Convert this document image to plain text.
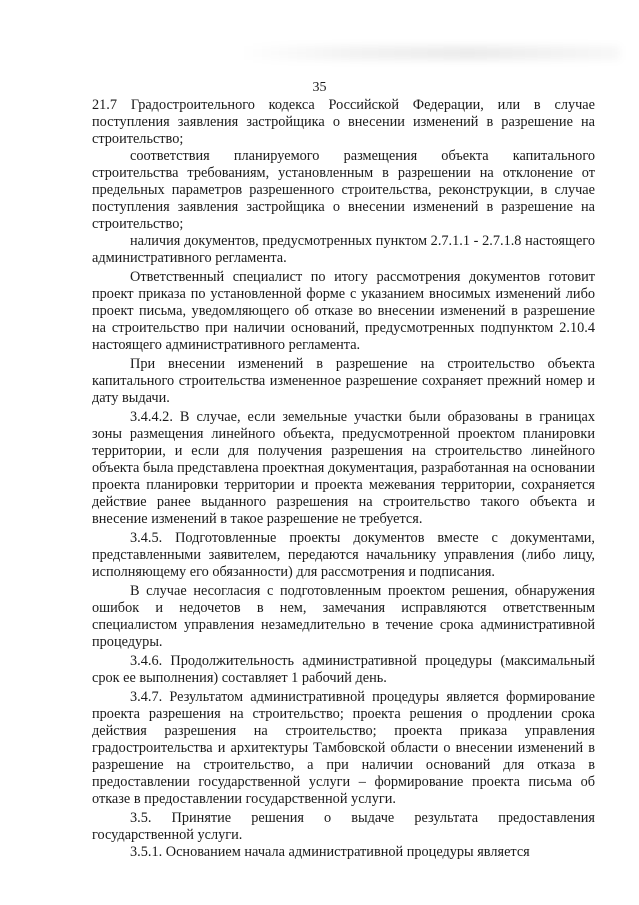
35

21.7 Градостроительного кодекса Российской Федерации, или в случае поступления заявления застройщика о внесении изменений в разрешение на строительство;

соответствия планируемого размещения объекта капитального строительства требованиям, установленным в разрешении на отклонение от предельных параметров разрешенного строительства, реконструкции, в случае поступления заявления застройщика о внесении изменений в разрешение на строительство;

наличия документов, предусмотренных пунктом 2.7.1.1 - 2.7.1.8 настоящего административного регламента.

Ответственный специалист по итогу рассмотрения документов готовит проект приказа по установленной форме с указанием вносимых изменений либо проект письма, уведомляющего об отказе во внесении изменений в разрешение на строительство при наличии оснований, предусмотренных подпунктом 2.10.4 настоящего административного регламента.

При внесении изменений в разрешение на строительство объекта капитального строительства измененное разрешение сохраняет прежний номер и дату выдачи.

3.4.4.2. В случае, если земельные участки были образованы в границах зоны размещения линейного объекта, предусмотренной проектом планировки территории, и если для получения разрешения на строительство линейного объекта была представлена проектная документация, разработанная на основании проекта планировки территории и проекта межевания территории, сохраняется действие ранее выданного разрешения на строительство такого объекта и внесение изменений в такое разрешение не требуется.

3.4.5. Подготовленные проекты документов вместе с документами, представленными заявителем, передаются начальнику управления (либо лицу, исполняющему его обязанности) для рассмотрения и подписания.

В случае несогласия с подготовленным проектом решения, обнаружения ошибок и недочетов в нем, замечания исправляются ответственным специалистом управления незамедлительно в течение срока административной процедуры.

3.4.6. Продолжительность административной процедуры (максимальный срок ее выполнения) составляет 1 рабочий день.

3.4.7. Результатом административной процедуры является формирование проекта разрешения на строительство; проекта решения о продлении срока действия разрешения на строительство; проекта приказа управления градостроительства и архитектуры Тамбовской области о внесении изменений в разрешение на строительство, а при наличии оснований для отказа в предоставлении государственной услуги – формирование проекта письма об отказе в предоставлении государственной услуги.

3.5. Принятие решения о выдаче результата предоставления государственной услуги.

3.5.1. Основанием начала административной процедуры является
